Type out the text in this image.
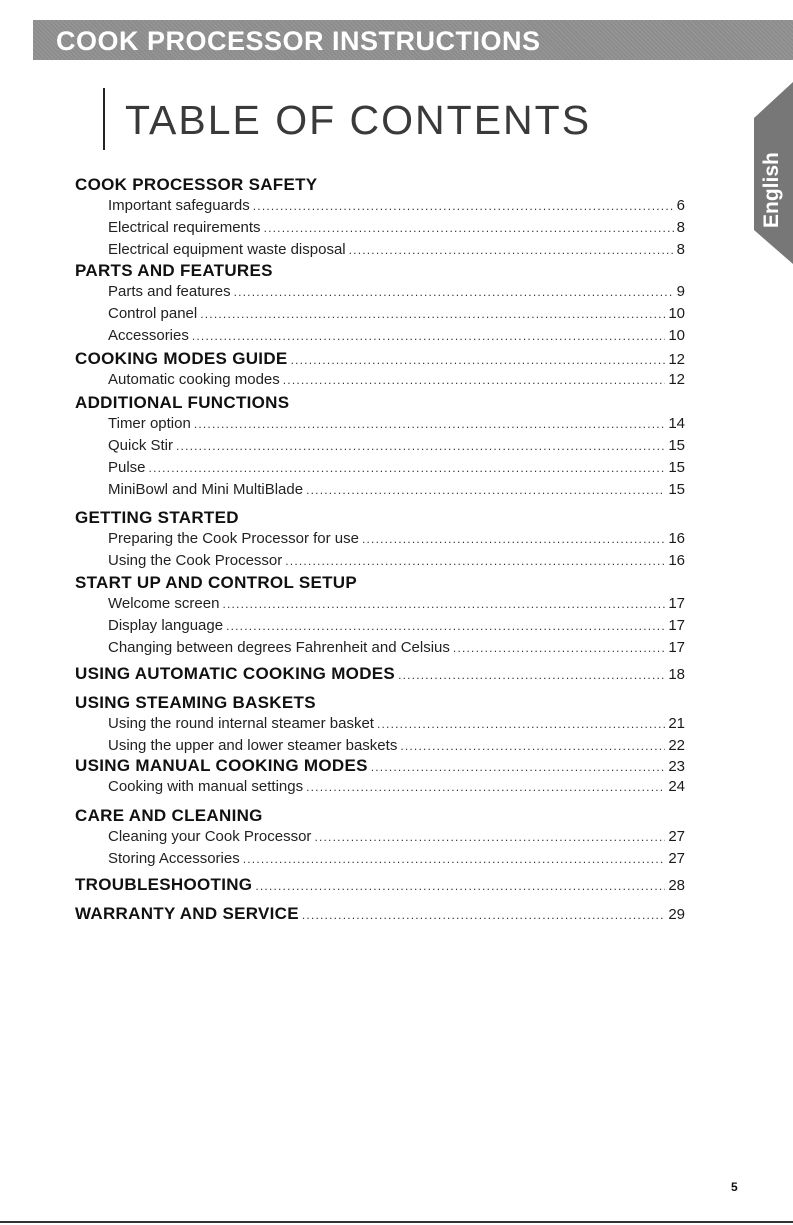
COOK PROCESSOR INSTRUCTIONS
TABLE OF CONTENTS
English
COOK PROCESSOR SAFETY
Important safeguards .....	6
Electrical requirements .....	8
Electrical equipment waste disposal .....	8
PARTS AND FEATURES
Parts and features .....	9
Control panel .....	10
Accessories .....	10
COOKING MODES GUIDE .....	12
Automatic cooking modes .....	12
ADDITIONAL FUNCTIONS
Timer option .....	14
Quick Stir .....	15
Pulse .....	15
MiniBowl and Mini MultiBlade .....	15
GETTING STARTED
Preparing the Cook Processor for use .....	16
Using the Cook Processor .....	16
START UP AND CONTROL SETUP
Welcome screen .....	17
Display language .....	17
Changing between degrees Fahrenheit and Celsius .....	17
USING AUTOMATIC COOKING MODES .....	18
USING STEAMING BASKETS
Using the round internal steamer basket .....	21
Using the upper and lower steamer baskets .....	22
USING MANUAL COOKING MODES .....	23
Cooking with manual settings .....	24
CARE AND CLEANING
Cleaning your Cook Processor .....	27
Storing Accessories .....	27
TROUBLESHOOTING .....	28
WARRANTY AND SERVICE .....	29
5
